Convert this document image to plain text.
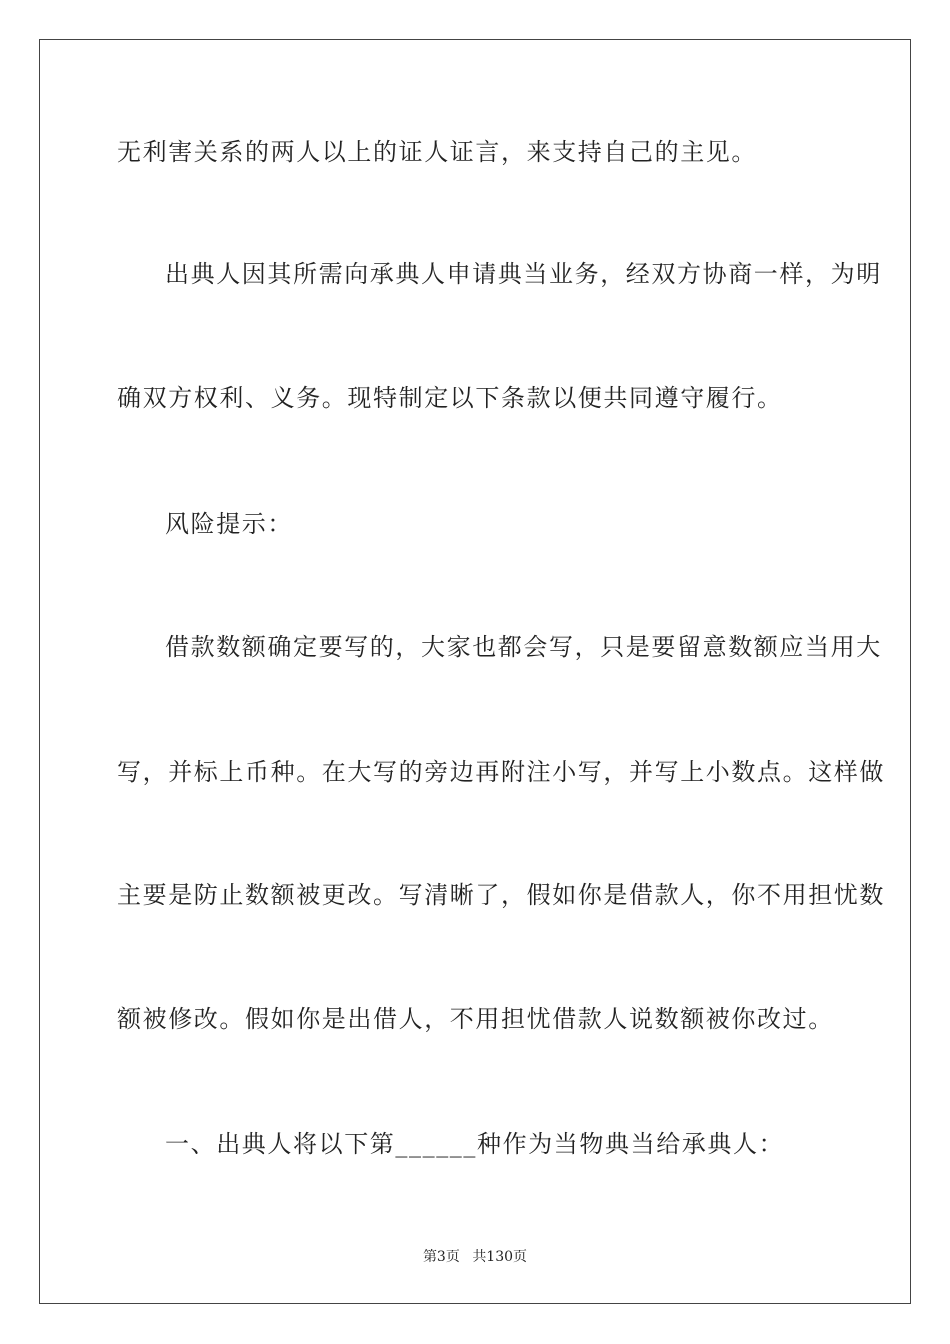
无利害关系的两人以上的证人证言，来支持自己的主见。
出典人因其所需向承典人申请典当业务，经双方协商一样，为明
确双方权利、义务。现特制定以下条款以便共同遵守履行。
风险提示：
借款数额确定要写的，大家也都会写，只是要留意数额应当用大
写，并标上币种。在大写的旁边再附注小写，并写上小数点。这样做
主要是防止数额被更改。写清晰了，假如你是借款人，你不用担忧数
额被修改。假如你是出借人，不用担忧借款人说数额被你改过。
一、出典人将以下第______种作为当物典当给承典人：
第3页 共130页
